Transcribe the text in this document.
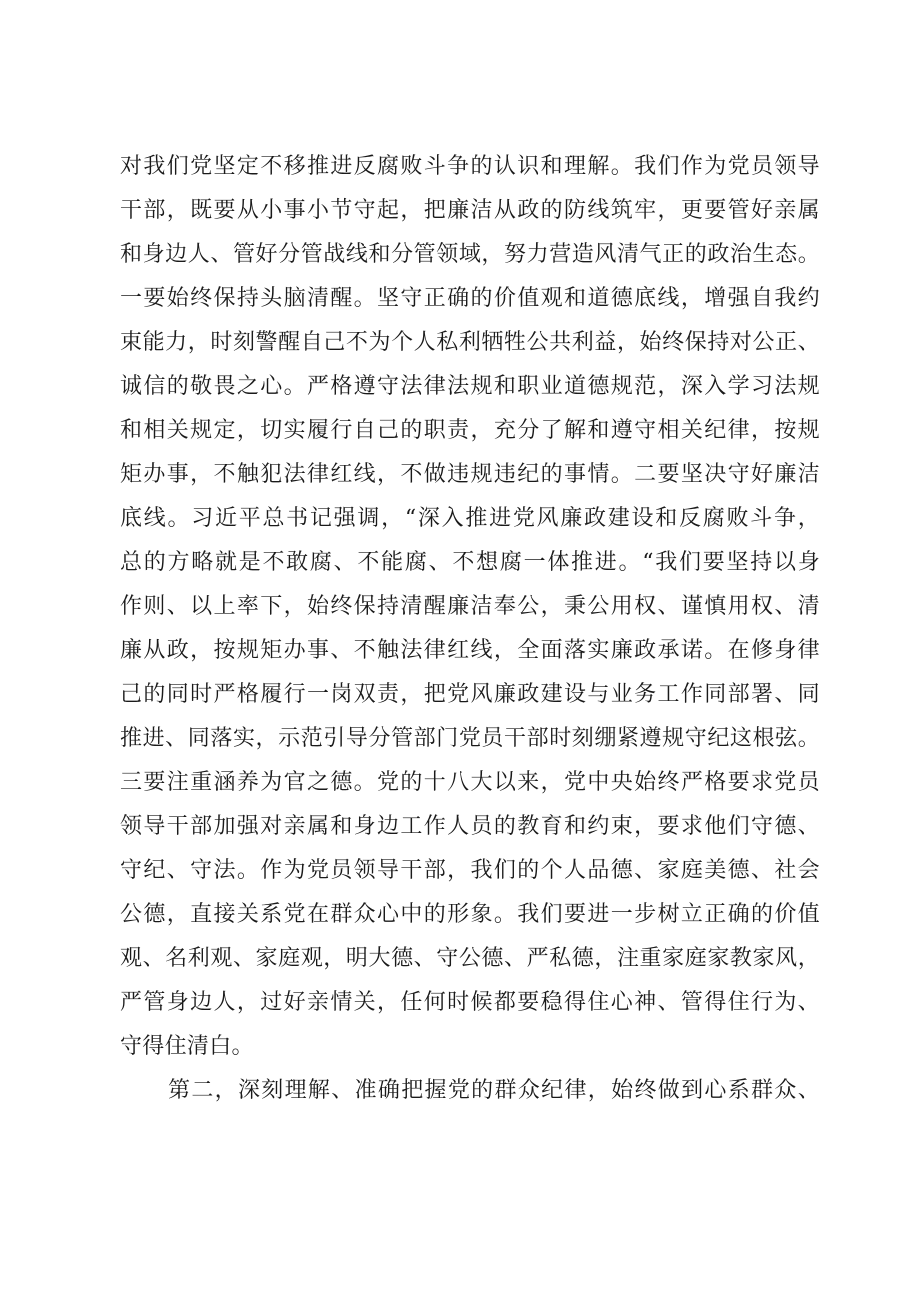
对我们党坚定不移推进反腐败斗争的认识和理解。我们作为党员领导
干部，既要从小事小节守起，把廉洁从政的防线筑牢，更要管好亲属
和身边人、管好分管战线和分管领域，努力营造风清气正的政治生态。
一要始终保持头脑清醒。坚守正确的价值观和道德底线，增强自我约
束能力，时刻警醒自己不为个人私利牺牲公共利益，始终保持对公正、
诚信的敬畏之心。严格遵守法律法规和职业道德规范，深入学习法规
和相关规定，切实履行自己的职责，充分了解和遵守相关纪律，按规
矩办事，不触犯法律红线，不做违规违纪的事情。二要坚决守好廉洁
底线。习近平总书记强调，“深入推进党风廉政建设和反腐败斗争，
总的方略就是不敢腐、不能腐、不想腐一体推进。“我们要坚持以身
作则、以上率下，始终保持清醒廉洁奉公，秉公用权、谨慎用权、清
廉从政，按规矩办事、不触法律红线，全面落实廉政承诺。在修身律
己的同时严格履行一岗双责，把党风廉政建设与业务工作同部署、同
推进、同落实，示范引导分管部门党员干部时刻绷紧遵规守纪这根弦。
三要注重涵养为官之德。党的十八大以来，党中央始终严格要求党员
领导干部加强对亲属和身边工作人员的教育和约束，要求他们守德、
守纪、守法。作为党员领导干部，我们的个人品德、家庭美德、社会
公德，直接关系党在群众心中的形象。我们要进一步树立正确的价值
观、名利观、家庭观，明大德、守公德、严私德，注重家庭家教家风，
严管身边人，过好亲情关，任何时候都要稳得住心神、管得住行为、
守得住清白。
第二，深刻理解、准确把握党的群众纪律，始终做到心系群众、
